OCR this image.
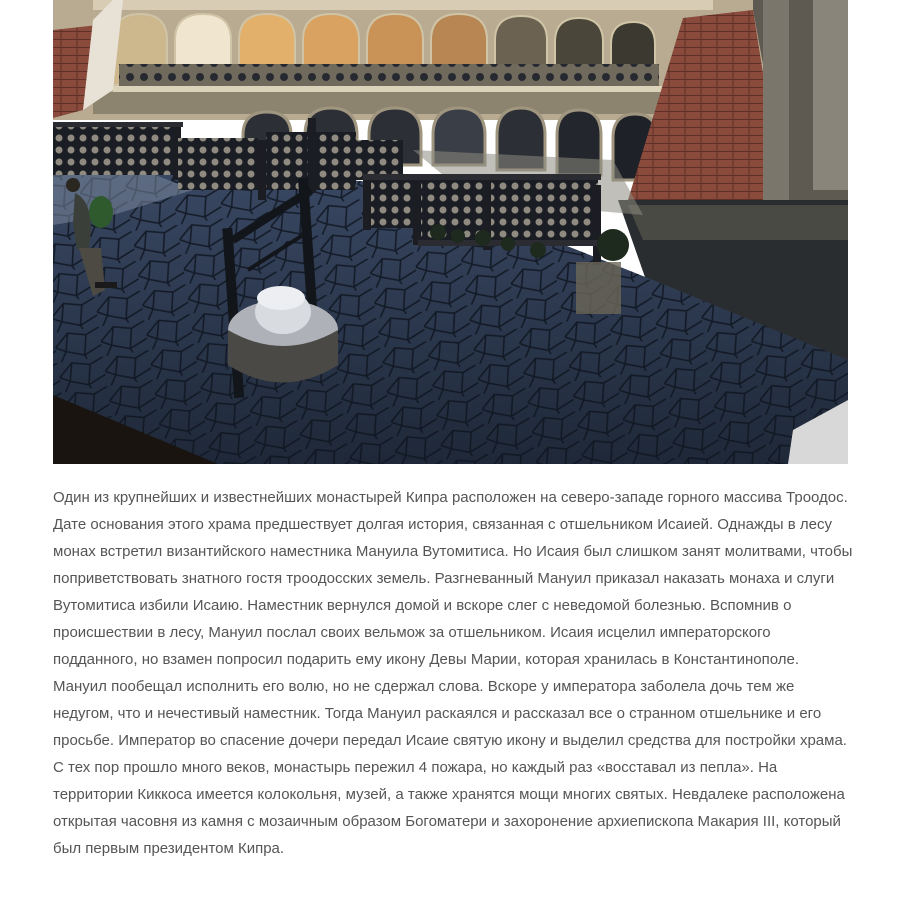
Один из крупнейших и известнейших монастырей Кипра расположен на северо-западе горного массива Троодос.

Дате основания этого храма предшествует долгая история, связанная с отшельником Исаией. Однажды в лесу монах встретил византийского наместника Мануила Вутомитиса. Но Исаия был слишком занят молитвами, чтобы поприветствовать знатного гостя троодосских земель. Разгневанный Мануил приказал наказать монаха и слуги Вутомитиса избили Исаию. Наместник вернулся домой и вскоре слег с неведомой болезнью. Вспомнив о происшествии в лесу, Мануил послал своих вельмож за отшельником. Исаия исцелил императорского подданного, но взамен попросил подарить ему икону Девы Марии, которая хранилась в Константинополе. Мануил пообещал исполнить его волю, но не сдержал слова. Вскоре у императора заболела дочь тем же недугом, что и нечестивый наместник. Тогда Мануил раскаялся и рассказал все о странном отшельнике и его просьбе. Император во спасение дочери передал Исаие святую икону и выделил средства для постройки храма.

С тех пор прошло много веков, монастырь пережил 4 пожара, но каждый раз «восставал из пепла». На территории Киккоса имеется колокольня, музей, а также хранятся мощи многих святых. Невдалеке расположена открытая часовня из камня с мозаичным образом Богоматери и захоронение архиепископа Макария III, который был первым президентом Кипра.
